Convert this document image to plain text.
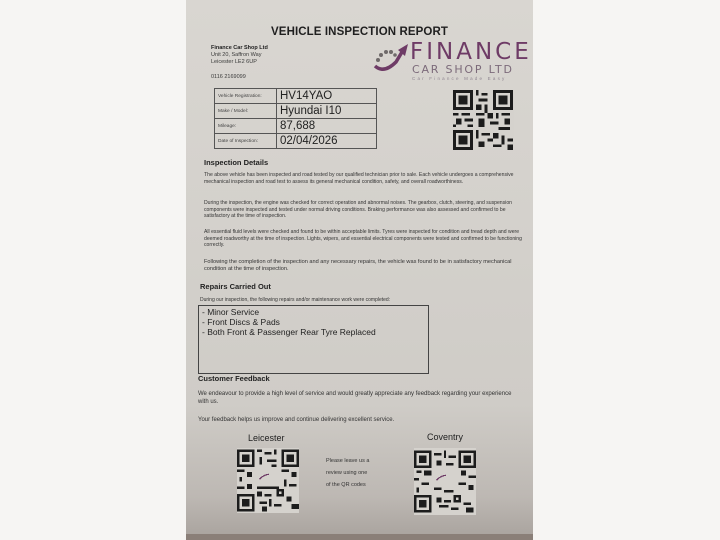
VEHICLE INSPECTION REPORT
Finance Car Shop Ltd
Unit 20, Saffron Way
Leicester LE2 6UP
0116 2169099
FINANCE
CAR SHOP LTD
Car Finance Made Easy
Vehicle Registration:	HV14YAO
Make / Model:	Hyundai I10
Mileage:	87,688
Date of Inspection:	02/04/2026
Inspection Details

The above vehicle has been inspected and road tested by our qualified technician prior to sale. Each vehicle undergoes a comprehensive mechanical inspection and road test to assess its general mechanical condition, safety, and overall roadworthiness.

During the inspection, the engine was checked for correct operation and abnormal noises. The gearbox, clutch, steering, and suspension components were inspected and tested under normal driving conditions. Braking performance was also assessed and confirmed to be satisfactory at the time of inspection.

All essential fluid levels were checked and found to be within acceptable limits. Tyres were inspected for condition and tread depth and were deemed roadworthy at the time of inspection. Lights, wipers, and essential electrical components were tested and confirmed to be functioning correctly.

Following the completion of the inspection and any necessary repairs, the vehicle was found to be in satisfactory mechanical condition at the time of inspection.

Repairs Carried Out
During our inspection, the following repairs and/or maintenance work were completed:
- Minor Service
- Front Discs & Pads
- Both Front & Passenger Rear Tyre Replaced
Customer Feedback

We endeavour to provide a high level of service and would greatly appreciate any feedback regarding your experience with us.

Your feedback helps us improve and continue delivering excellent service.

Leicester	Coventry
Please leave us a
review using one
of the QR codes
